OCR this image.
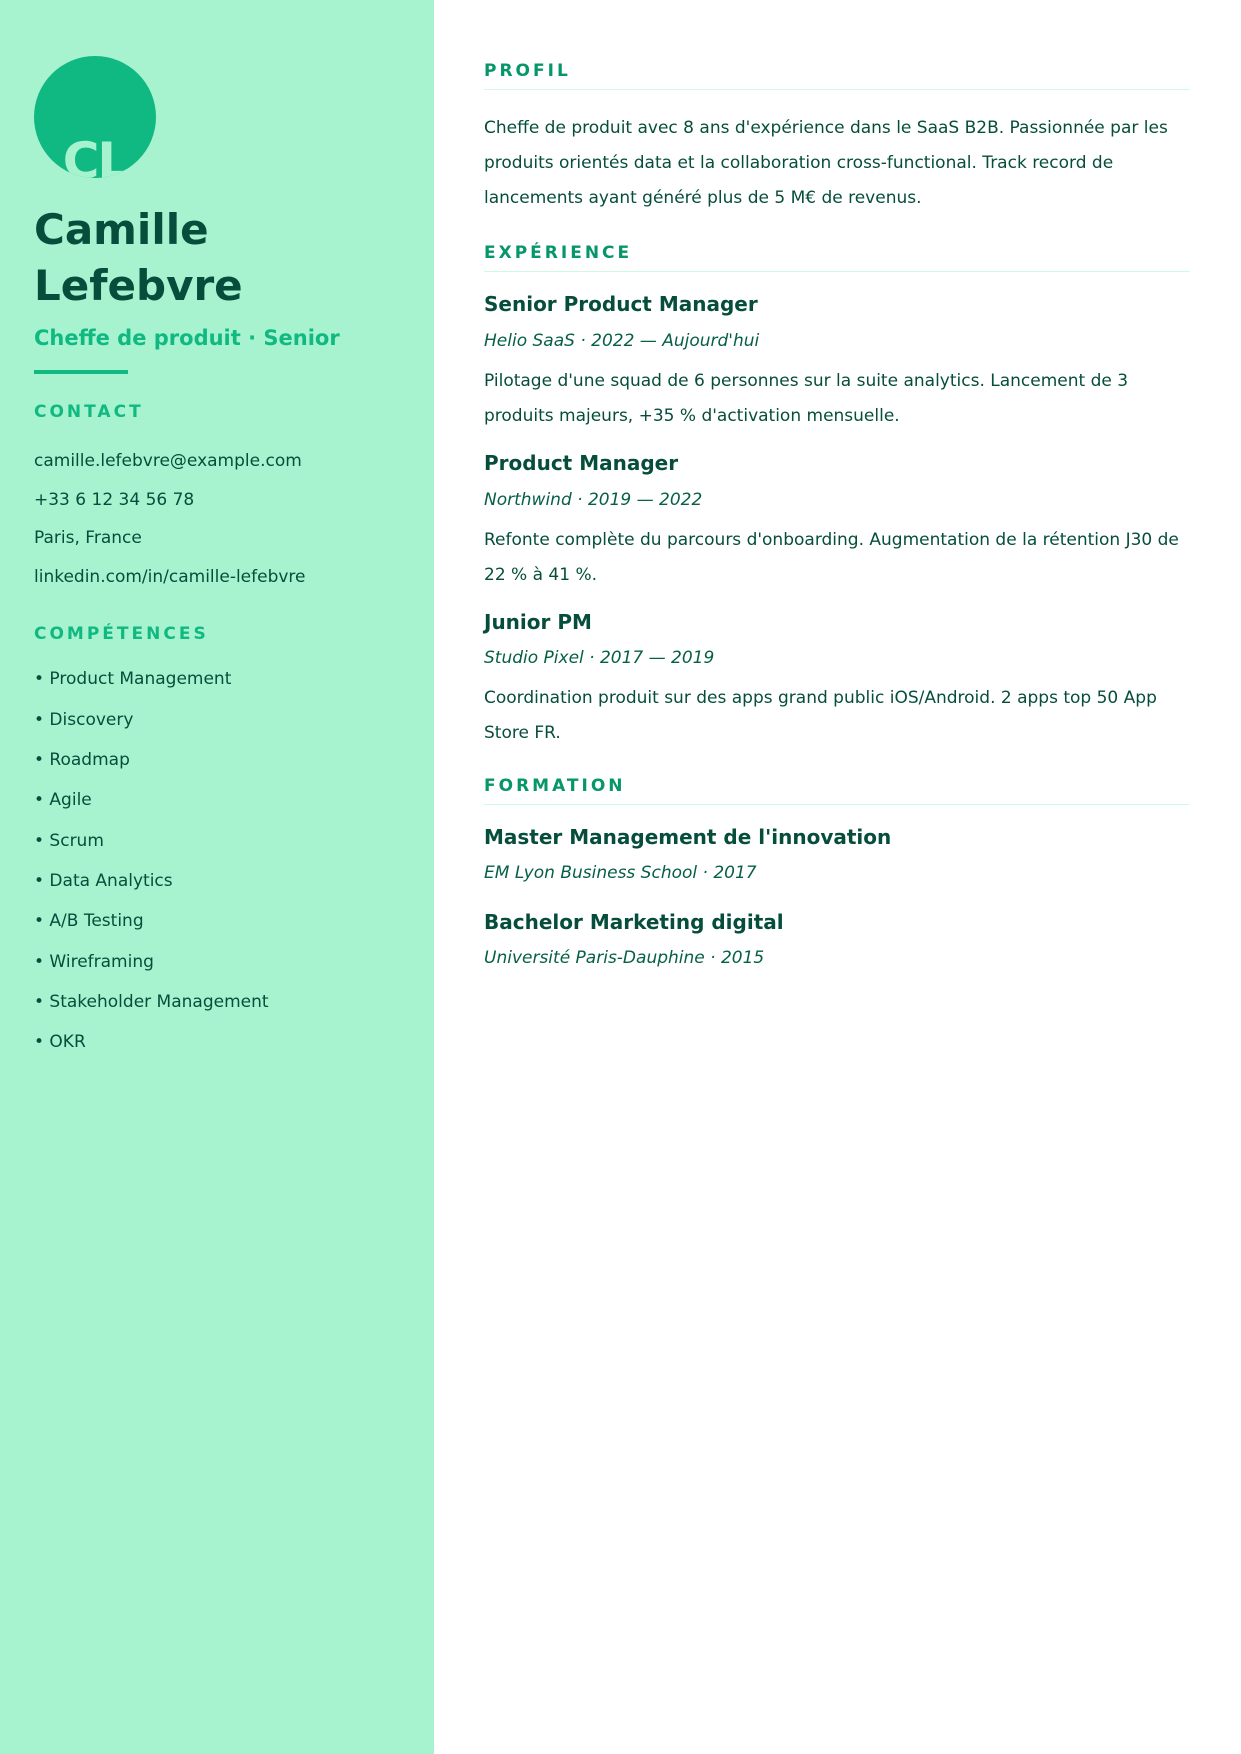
CL
Camille Lefebvre
Cheffe de produit · Senior
CONTACT
camille.lefebvre@example.com
+33 6 12 34 56 78
Paris, France
linkedin.com/in/camille-lefebvre
COMPÉTENCES
• Product Management
• Discovery
• Roadmap
• Agile
• Scrum
• Data Analytics
• A/B Testing
• Wireframing
• Stakeholder Management
• OKR
PROFIL
Cheffe de produit avec 8 ans d'expérience dans le SaaS B2B. Passionnée par les produits orientés data et la collaboration cross-functional. Track record de lancements ayant généré plus de 5 M€ de revenus.
EXPÉRIENCE
Senior Product Manager
Helio SaaS · 2022 — Aujourd'hui
Pilotage d'une squad de 6 personnes sur la suite analytics. Lancement de 3 produits majeurs, +35 % d'activation mensuelle.
Product Manager
Northwind · 2019 — 2022
Refonte complète du parcours d'onboarding. Augmentation de la rétention J30 de 22 % à 41 %.
Junior PM
Studio Pixel · 2017 — 2019
Coordination produit sur des apps grand public iOS/Android. 2 apps top 50 App Store FR.
FORMATION
Master Management de l'innovation
EM Lyon Business School · 2017
Bachelor Marketing digital
Université Paris-Dauphine · 2015
